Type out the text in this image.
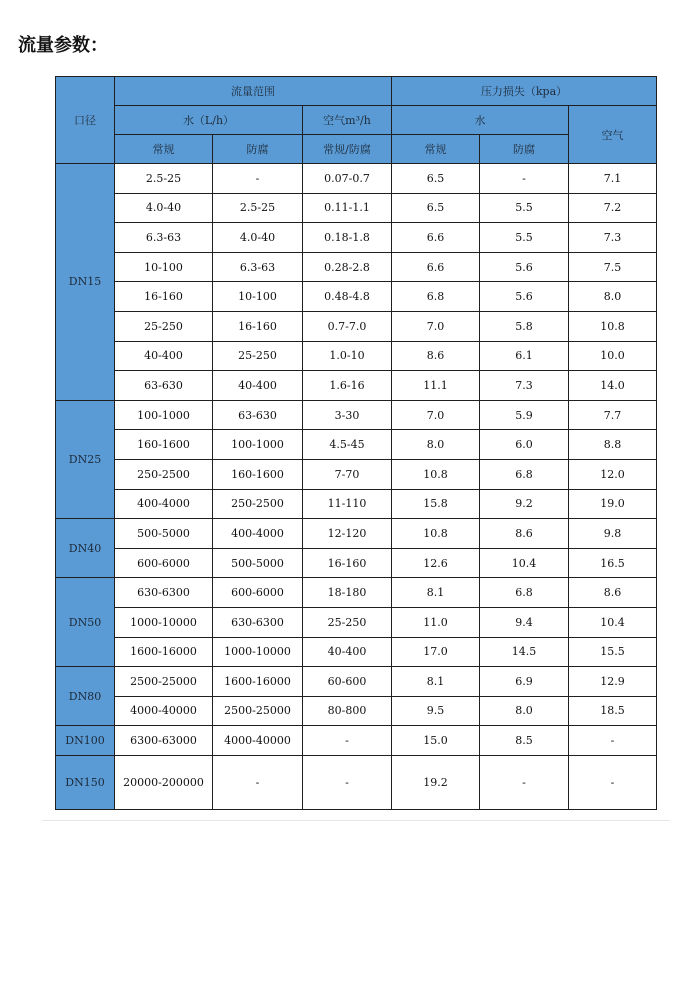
流量参数：
口径	流量范围			压力损失（kpa）		
	水（L/h）		空气m³/h	水		空气
	常规	防腐	常规/防腐	常规	防腐	
DN15	2.5-25	-	0.07-0.7	6.5	-	7.1
	4.0-40	2.5-25	0.11-1.1	6.5	5.5	7.2
	6.3-63	4.0-40	0.18-1.8	6.6	5.5	7.3
	10-100	6.3-63	0.28-2.8	6.6	5.6	7.5
	16-160	10-100	0.48-4.8	6.8	5.6	8.0
	25-250	16-160	0.7-7.0	7.0	5.8	10.8
	40-400	25-250	1.0-10	8.6	6.1	10.0
	63-630	40-400	1.6-16	11.1	7.3	14.0
DN25	100-1000	63-630	3-30	7.0	5.9	7.7
	160-1600	100-1000	4.5-45	8.0	6.0	8.8
	250-2500	160-1600	7-70	10.8	6.8	12.0
	400-4000	250-2500	11-110	15.8	9.2	19.0
DN40	500-5000	400-4000	12-120	10.8	8.6	9.8
	600-6000	500-5000	16-160	12.6	10.4	16.5
DN50	630-6300	600-6000	18-180	8.1	6.8	8.6
	1000-10000	630-6300	25-250	11.0	9.4	10.4
	1600-16000	1000-10000	40-400	17.0	14.5	15.5
DN80	2500-25000	1600-16000	60-600	8.1	6.9	12.9
	4000-40000	2500-25000	80-800	9.5	8.0	18.5
DN100	6300-63000	4000-40000	-	15.0	8.5	-
DN150	20000-200000	-	-	19.2	-	-
